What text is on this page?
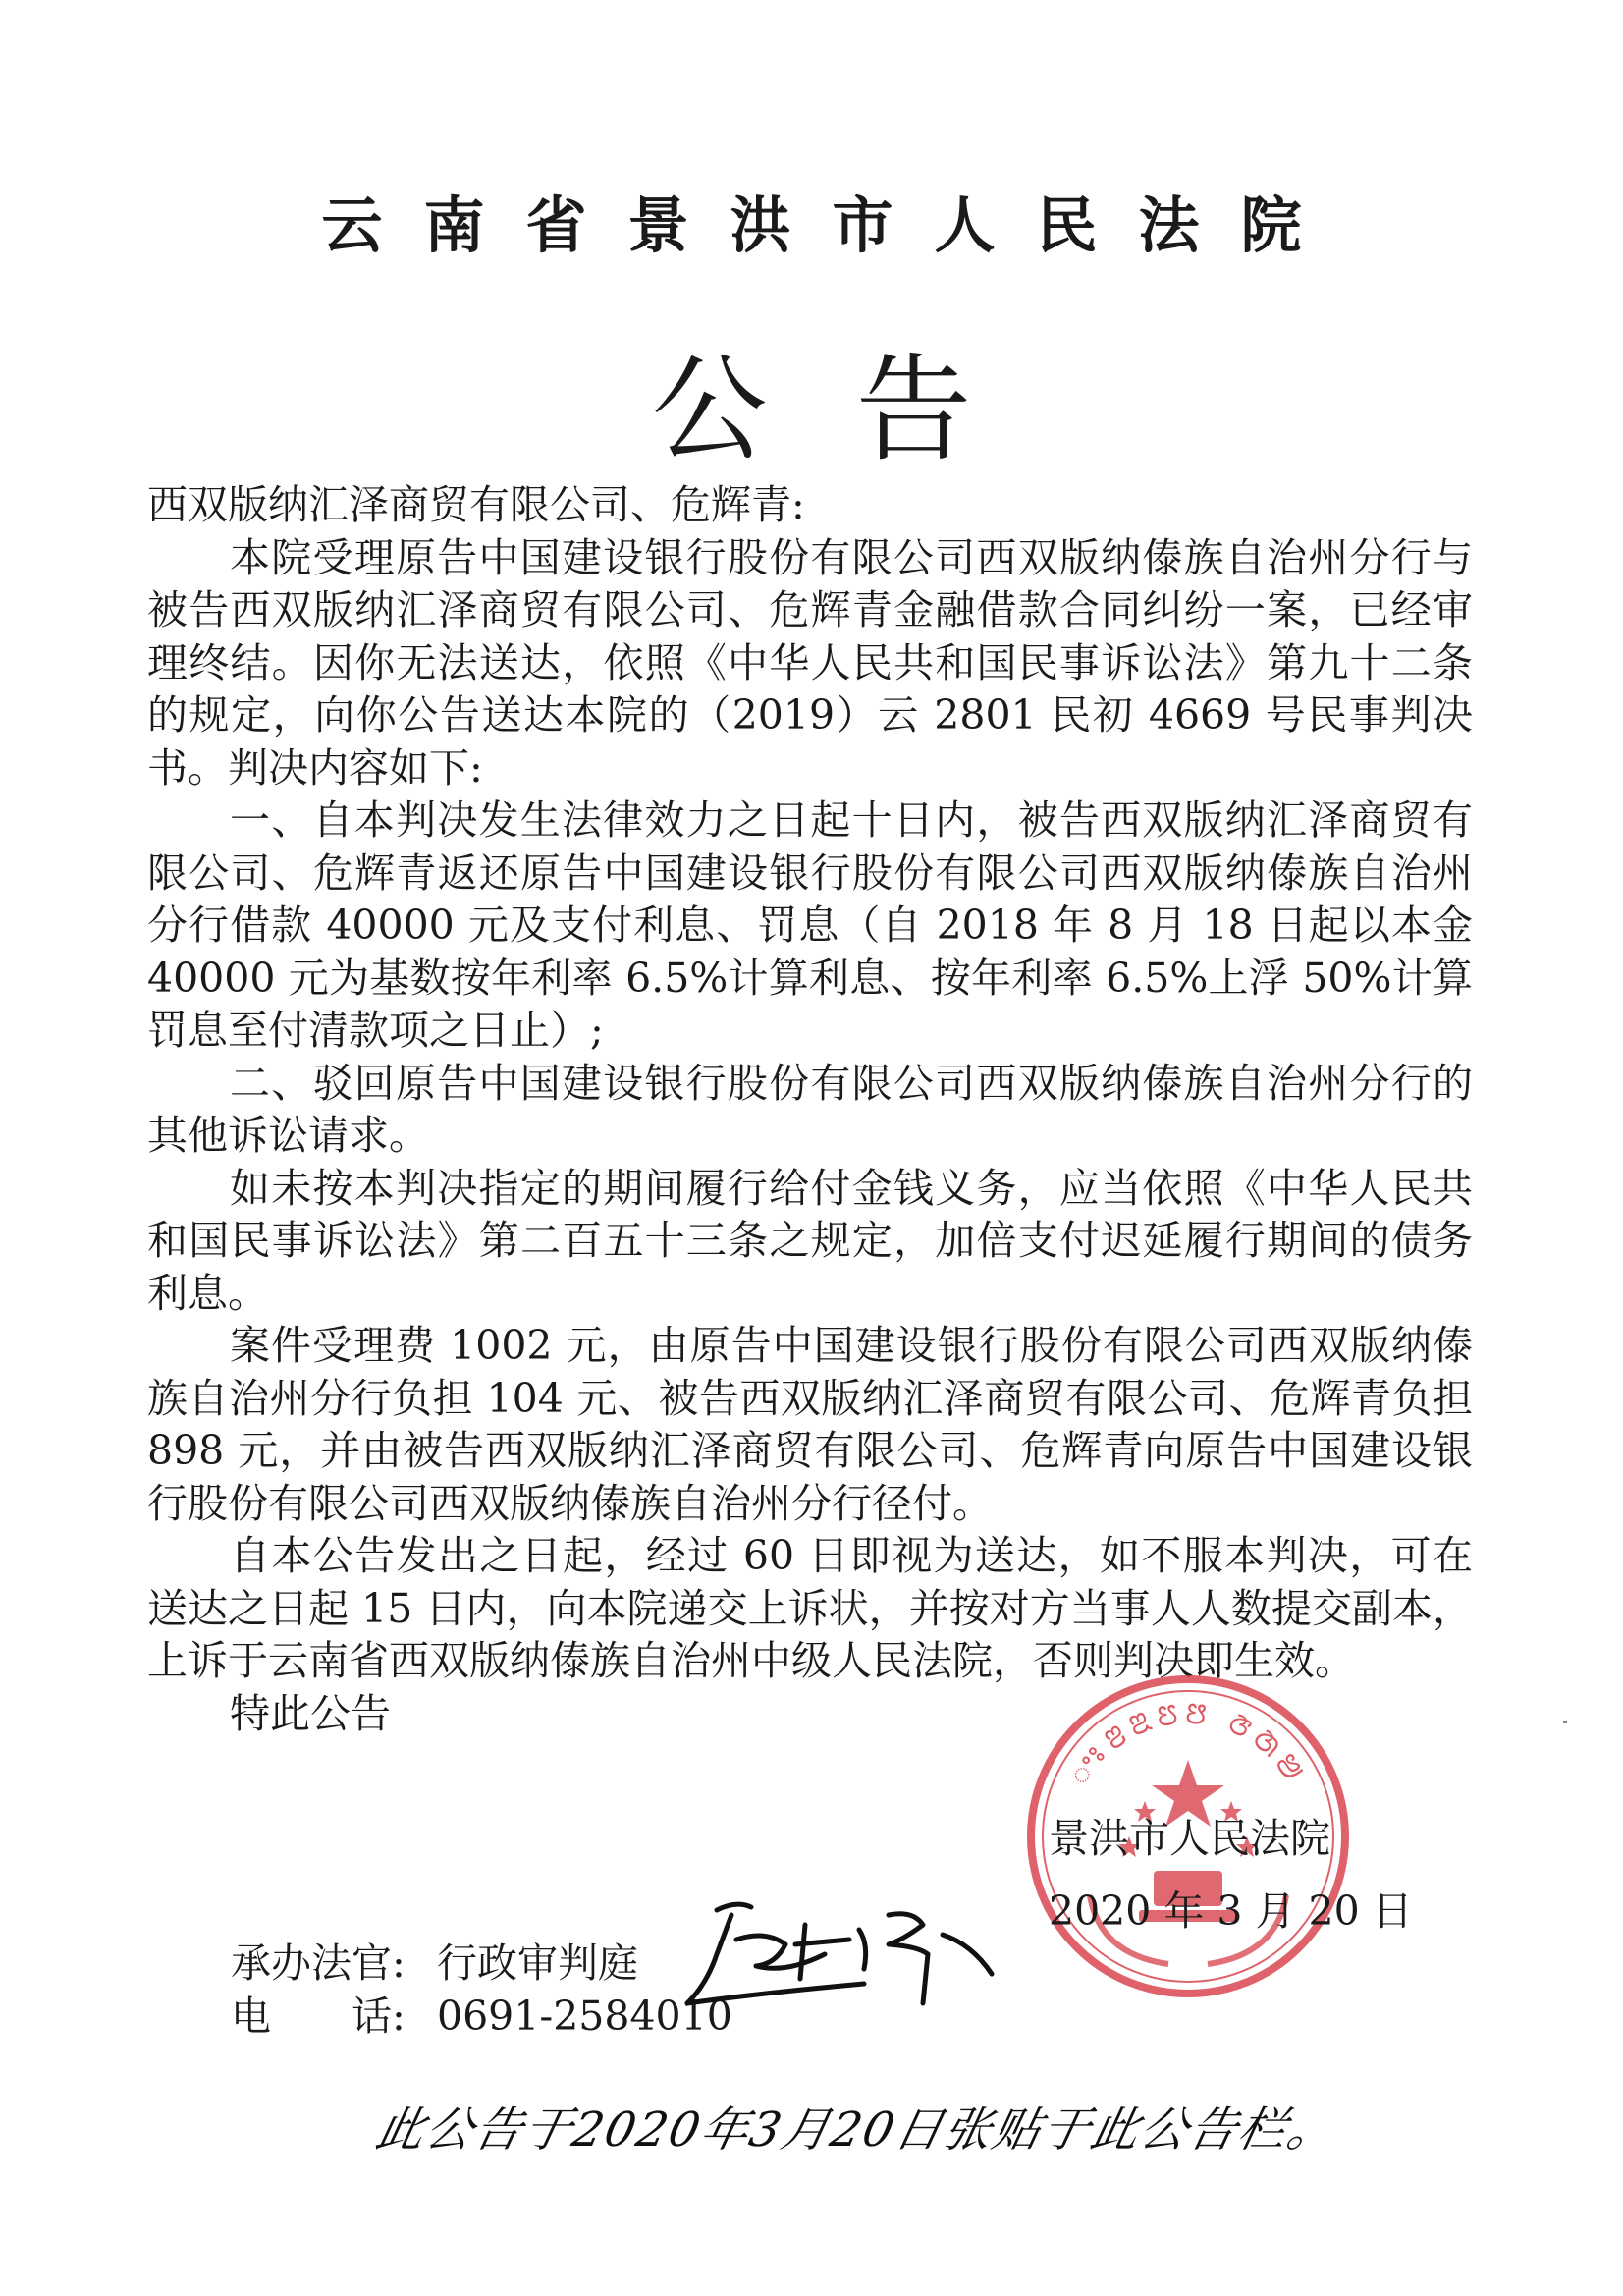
云南省景洪市人民法院
公告

西双版纳汇泽商贸有限公司、危辉青:

本院受理原告中国建设银行股份有限公司西双版纳傣族自治州分行与被告西双版纳汇泽商贸有限公司、危辉青金融借款合同纠纷一案，已经审理终结。因你无法送达，依照《中华人民共和国民事诉讼法》第九十二条的规定，向你公告送达本院的（2019）云 2801 民初 4669 号民事判决书。判决内容如下:

一、自本判决发生法律效力之日起十日内，被告西双版纳汇泽商贸有限公司、危辉青返还原告中国建设银行股份有限公司西双版纳傣族自治州分行借款 40000 元及支付利息、罚息（自 2018 年 8 月 18 日起以本金 40000 元为基数按年利率 6.5%计算利息、按年利率 6.5%上浮 50%计算罚息至付清款项之日止）;

二、驳回原告中国建设银行股份有限公司西双版纳傣族自治州分行的其他诉讼请求。

如未按本判决指定的期间履行给付金钱义务，应当依照《中华人民共和国民事诉讼法》第二百五十三条之规定，加倍支付迟延履行期间的债务利息。

案件受理费 1002 元，由原告中国建设银行股份有限公司西双版纳傣族自治州分行负担 104 元、被告西双版纳汇泽商贸有限公司、危辉青负担 898 元，并由被告西双版纳汇泽商贸有限公司、危辉青向原告中国建设银行股份有限公司西双版纳傣族自治州分行径付。

自本公告发出之日起，经过 60 日即视为送达，如不服本判决，可在送达之日起 15 日内，向本院递交上诉状，并按对方当事人人数提交副本，上诉于云南省西双版纳傣族自治州中级人民法院，否则判决即生效。

特此公告

ꢀꢁꢂꢃꢄꢅ ꢆꢇꢈ
景洪市人民法院
2020 年 3 月 20 日
承办法官: 行政审判庭
电　　话: 0691-2584010
此公告于2020年3月20日张贴于此公告栏。
